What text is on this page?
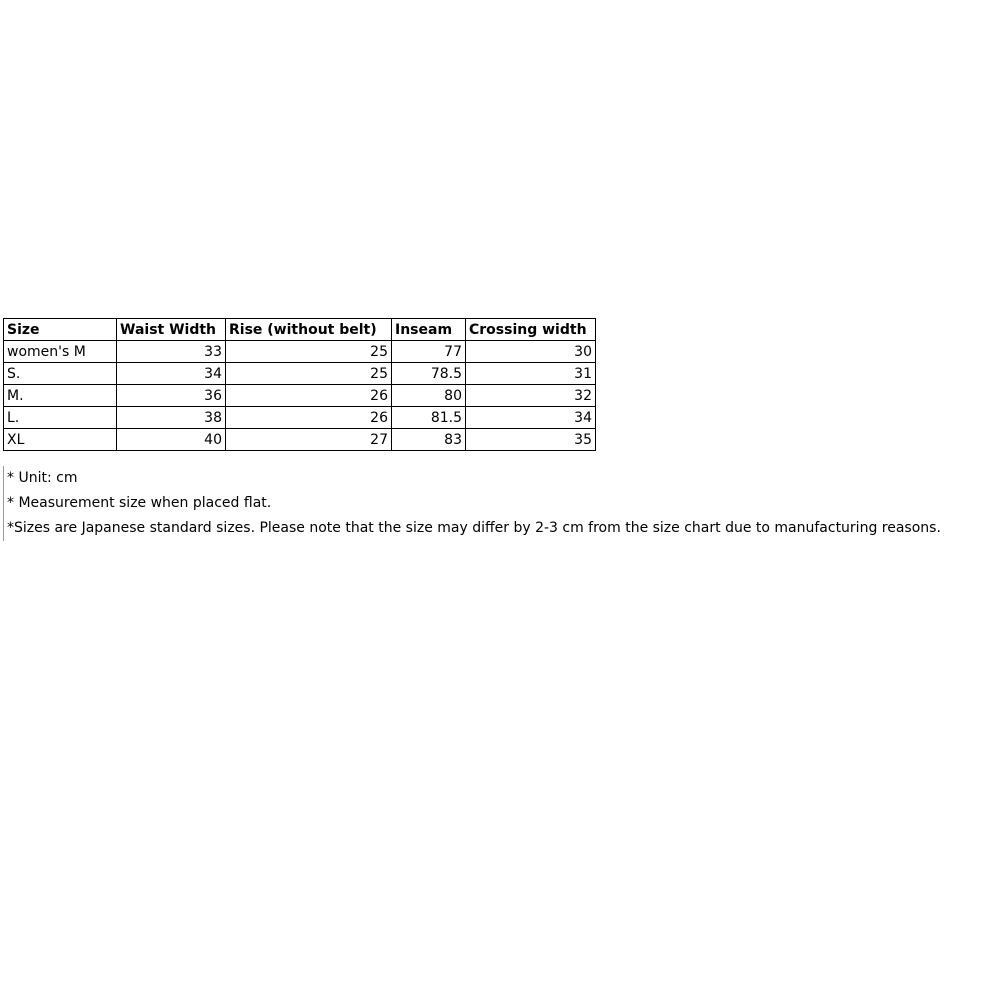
Size	Waist Width	Rise (without belt)	Inseam	Crossing width
women's M	33	25	77	30
S.	34	25	78.5	31
M.	36	26	80	32
L.	38	26	81.5	34
XL	40	27	83	35
* Unit: cm
* Measurement size when placed flat.
*Sizes are Japanese standard sizes. Please note that the size may differ by 2-3 cm from the size chart due to manufacturing reasons.
